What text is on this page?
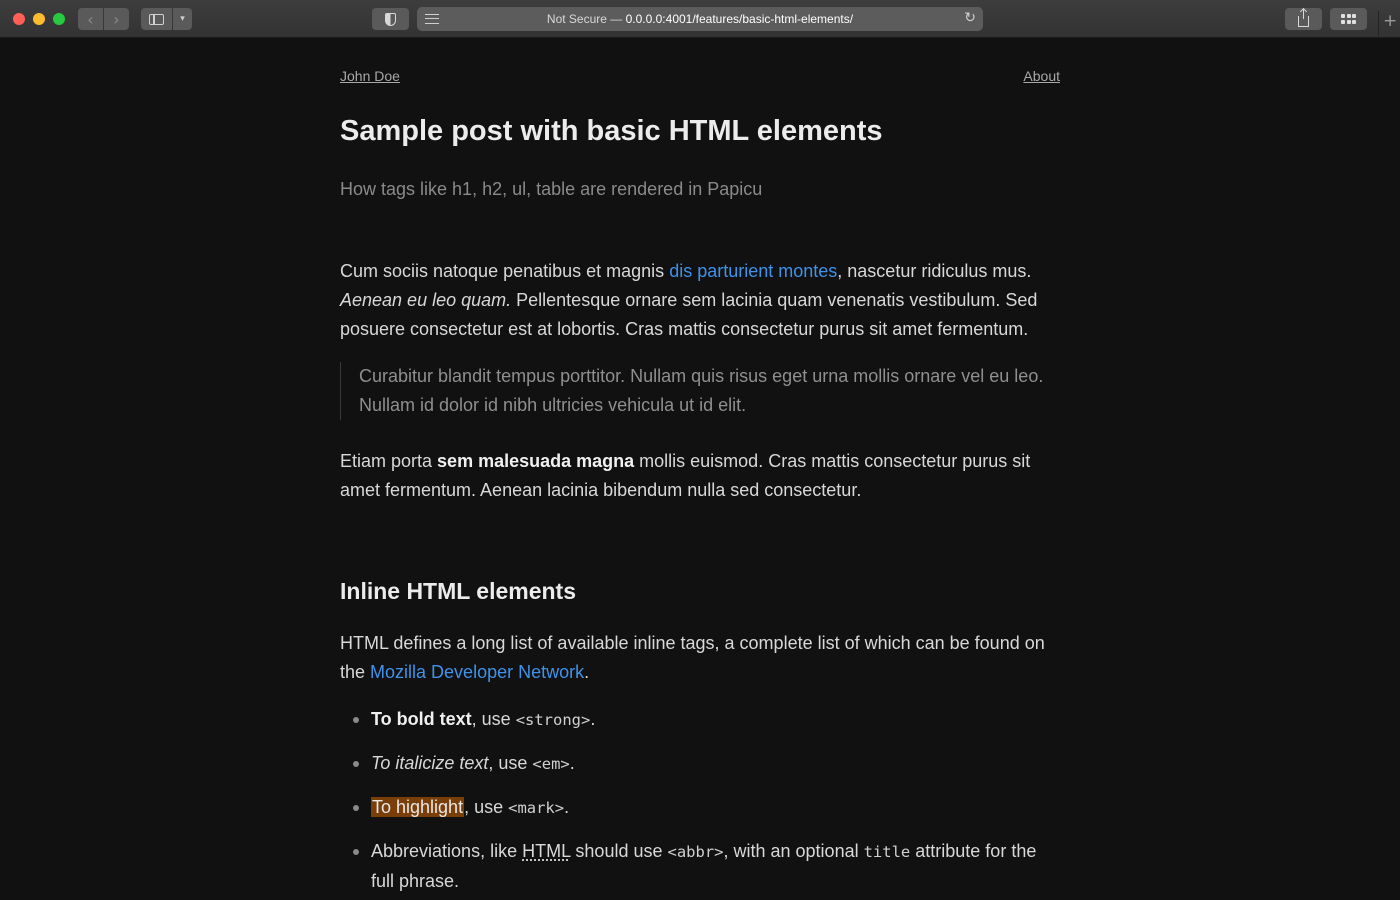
‹ ›	▾	Not Secure — 0.0.0.0:4001/features/basic-html-elements/	↻	+
John Doe	About
Sample post with basic HTML elements

How tags like h1, h2, ul, table are rendered in Papicu

Cum sociis natoque penatibus et magnis dis parturient montes, nascetur ridiculus mus. Aenean eu leo quam. Pellentesque ornare sem lacinia quam venenatis vestibulum. Sed posuere consectetur est at lobortis. Cras mattis consectetur purus sit amet fermentum.

Curabitur blandit tempus porttitor. Nullam quis risus eget urna mollis ornare vel eu leo. Nullam id dolor id nibh ultricies vehicula ut id elit.

Etiam porta sem malesuada magna mollis euismod. Cras mattis consectetur purus sit amet fermentum. Aenean lacinia bibendum nulla sed consectetur.

Inline HTML elements

HTML defines a long list of available inline tags, a complete list of which can be found on the Mozilla Developer Network.

To bold text, use <strong>.
To italicize text, use <em>.
To highlight, use <mark>.
Abbreviations, like HTML should use <abbr>, with an optional title attribute for the full phrase.
